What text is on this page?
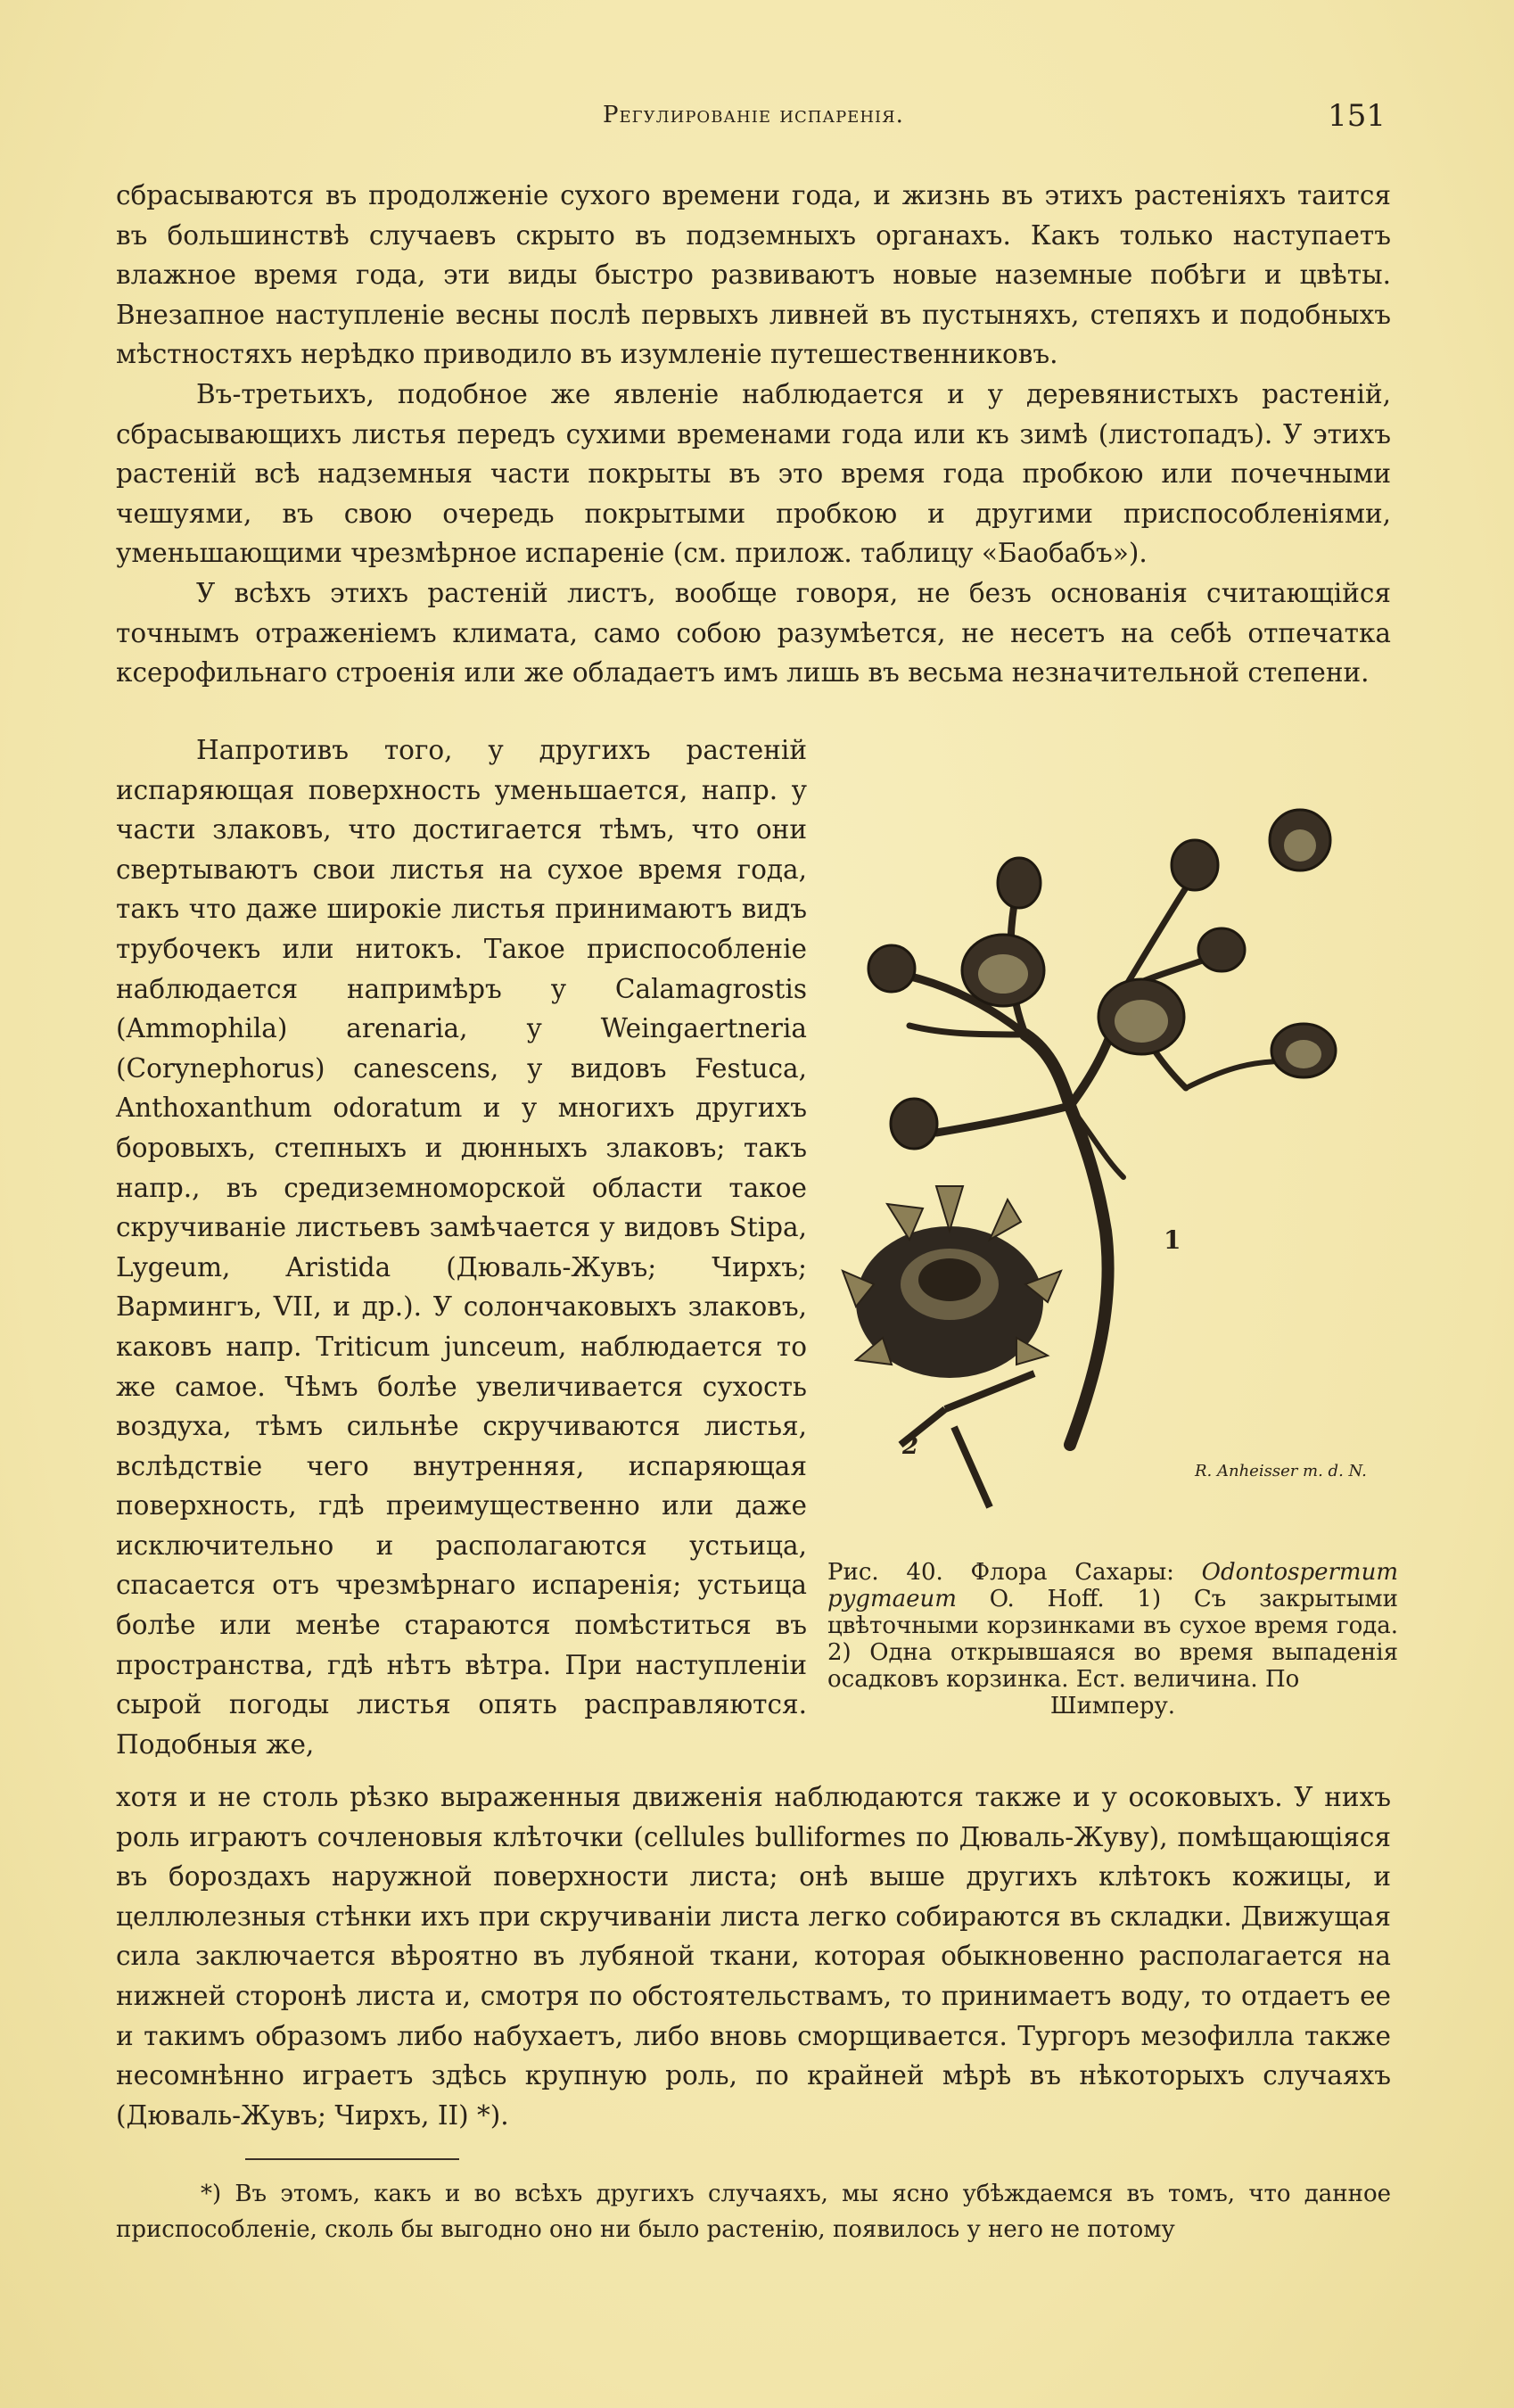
Регулированіе испаренія.	151

сбрасываются въ продолженіе сухого времени года, и жизнь въ этихъ растеніяхъ таится въ большинствѣ случаевъ скрыто въ подземныхъ органахъ. Какъ только наступаетъ влажное время года, эти виды быстро развиваютъ новые наземные побѣги и цвѣты. Внезапное наступленіе весны послѣ первыхъ ливней въ пустыняхъ, степяхъ и подобныхъ мѣстностяхъ нерѣдко приводило въ изумленіе путешественниковъ.

Въ-третьихъ, подобное же явленіе наблюдается и у деревянистыхъ растеній, сбрасывающихъ листья передъ сухими временами года или къ зимѣ (листопадъ). У этихъ растеній всѣ надземныя части покрыты въ это время года пробкою или почечными чешуями, въ свою очередь покрытыми пробкою и другими приспособленіями, уменьшающими чрезмѣрное испареніе (см. прилож. таблицу «Баобабъ»).

У всѣхъ этихъ растеній листъ, вообще говоря, не безъ основанія считающійся точнымъ отраженіемъ климата, само собою разумѣется, не несетъ на себѣ отпечатка ксерофильнаго строенія или же обладаетъ имъ лишь въ весьма незначительной степени.

Напротивъ того, у другихъ растеній испаряющая поверхность уменьшается, напр. у части злаковъ, что достигается тѣмъ, что они свертываютъ свои листья на сухое время года, такъ что даже широкіе листья принимаютъ видъ трубочекъ или нитокъ. Такое приспособленіе наблюдается напримѣръ у Calamagrostis (Ammophila) arenaria, у Weingaertneria (Corynephorus) canescens, у видовъ Festuca, Anthoxanthum odoratum и у многихъ другихъ боровыхъ, степныхъ и дюнныхъ злаковъ; такъ напр., въ средиземноморской области такое скручиваніе листьевъ замѣчается у видовъ Stipa, Lygeum, Aristida (Дюваль-Жувъ; Чирхъ; Вармингъ, VII, и др.). У солончаковыхъ злаковъ, каковъ напр. Triticum junceum, наблюдается то же самое. Чѣмъ болѣе увеличивается сухость воздуха, тѣмъ сильнѣе скручиваются листья, вслѣдствіе чего внутренняя, испаряющая поверхность, гдѣ преимущественно или даже исключительно и располагаются устьица, спасается отъ чрезмѣрнаго испаренія; устьица болѣе или менѣе стараются помѣститься въ пространства, гдѣ нѣтъ вѣтра. При наступленіи сырой погоды листья опять расправляются. Подобныя же,

1
2
R. Anheisser m. d. N.
Рис. 40. Флора Сахары: Odontospermum pygmaeum O. Hoff. 1) Съ закрытыми цвѣточными корзинками въ сухое время года. 2) Одна открывшаяся во время выпаденія осадковъ корзинка. Ест. величина. По
Шимперу.

хотя и не столь рѣзко выраженныя движенія наблюдаются также и у осоковыхъ. У нихъ роль играютъ сочленовыя клѣточки (cellules bulliformes по Дюваль-Жуву), помѣщающіяся въ бороздахъ наружной поверхности листа; онѣ выше другихъ клѣтокъ кожицы, и целлюлезныя стѣнки ихъ при скручиваніи листа легко собираются въ складки. Движущая сила заключается вѣроятно въ лубяной ткани, которая обыкновенно располагается на нижней сторонѣ листа и, смотря по обстоятельствамъ, то принимаетъ воду, то отдаетъ ее и такимъ образомъ либо набухаетъ, либо вновь сморщивается. Тургоръ мезофилла также несомнѣнно играетъ здѣсь крупную роль, по крайней мѣрѣ въ нѣкоторыхъ случаяхъ (Дюваль-Жувъ; Чирхъ, II) *).

*) Въ этомъ, какъ и во всѣхъ другихъ случаяхъ, мы ясно убѣждаемся въ томъ, что данное приспособленіе, сколь бы выгодно оно ни было растенію, появилось у него не потому
